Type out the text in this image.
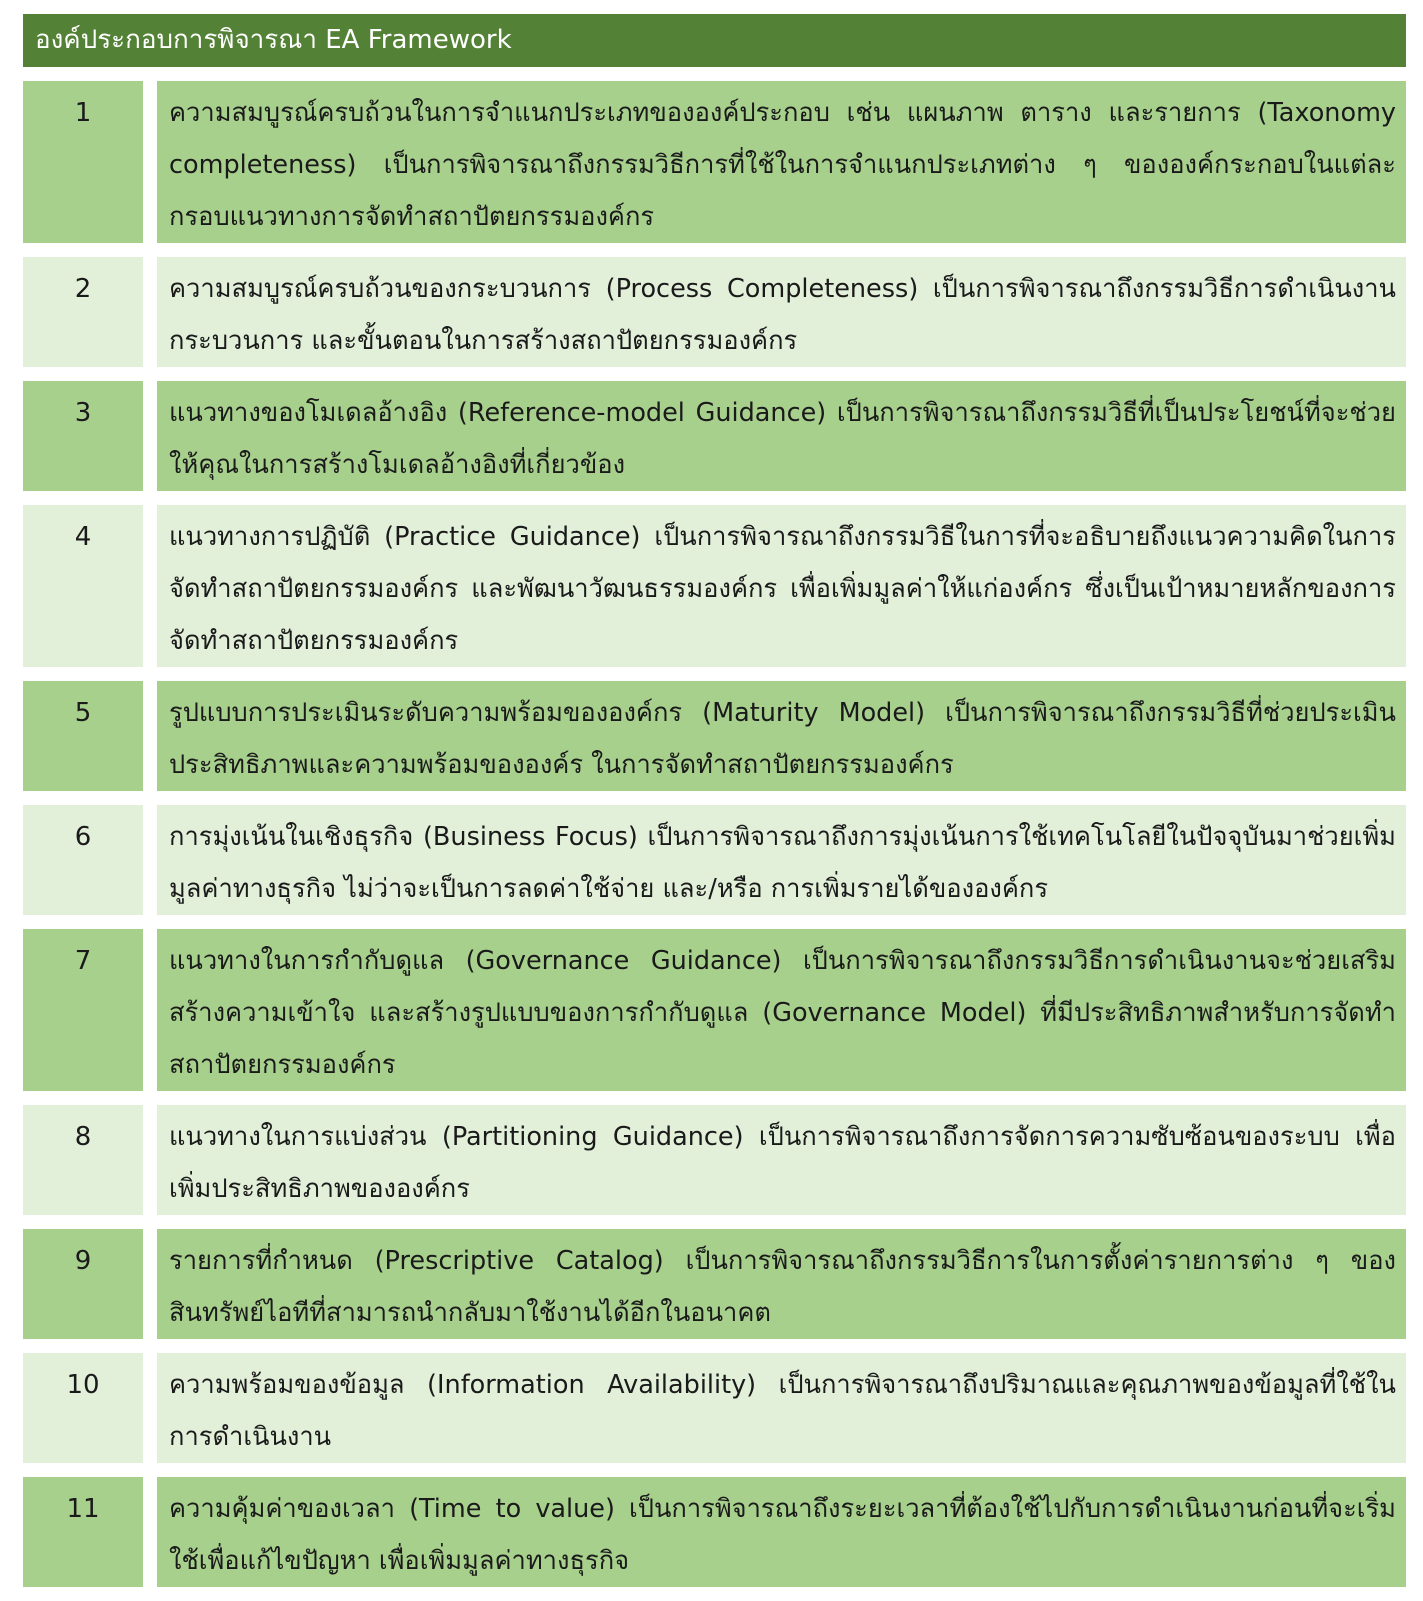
องค์ประกอบการพิจารณา EA Framework
1	ความสมบูรณ์ครบถ้วนในการจำแนกประเภทขององค์ประกอบ เช่น แผนภาพ ตาราง และรายการ (Taxonomy completeness) เป็นการพิจารณาถึงกรรมวิธีการที่ใช้ในการจำแนกประเภทต่าง ๆ ขององค์กระกอบในแต่ละกรอบแนวทางการจัดทำสถาปัตยกรรมองค์กร
2	ความสมบูรณ์ครบถ้วนของกระบวนการ (Process Completeness) เป็นการพิจารณาถึงกรรมวิธีการดำเนินงาน กระบวนการ และขั้นตอนในการสร้างสถาปัตยกรรมองค์กร
3	แนวทางของโมเดลอ้างอิง (Reference-model Guidance) เป็นการพิจารณาถึงกรรมวิธีที่เป็นประโยชน์ที่จะช่วยให้คุณในการสร้างโมเดลอ้างอิงที่เกี่ยวข้อง
4	แนวทางการปฏิบัติ (Practice Guidance) เป็นการพิจารณาถึงกรรมวิธีในการที่จะอธิบายถึงแนวความคิดในการจัดทำสถาปัตยกรรมองค์กร และพัฒนาวัฒนธรรมองค์กร เพื่อเพิ่มมูลค่าให้แก่องค์กร ซึ่งเป็นเป้าหมายหลักของการจัดทำสถาปัตยกรรมองค์กร
5	รูปแบบการประเมินระดับความพร้อมขององค์กร (Maturity Model) เป็นการพิจารณาถึงกรรมวิธีที่ช่วยประเมินประสิทธิภาพและความพร้อมขององค์ร ในการจัดทำสถาปัตยกรรมองค์กร
6	การมุ่งเน้นในเชิงธุรกิจ (Business Focus) เป็นการพิจารณาถึงการมุ่งเน้นการใช้เทคโนโลยีในปัจจุบันมาช่วยเพิ่มมูลค่าทางธุรกิจ ไม่ว่าจะเป็นการลดค่าใช้จ่าย และ/หรือ การเพิ่มรายได้ขององค์กร
7	แนวทางในการกำกับดูแล (Governance Guidance) เป็นการพิจารณาถึงกรรมวิธีการดำเนินงานจะช่วยเสริมสร้างความเข้าใจ และสร้างรูปแบบของการกำกับดูแล (Governance Model) ที่มีประสิทธิภาพสำหรับการจัดทำสถาปัตยกรรมองค์กร
8	แนวทางในการแบ่งส่วน (Partitioning Guidance) เป็นการพิจารณาถึงการจัดการความซับซ้อนของระบบ เพื่อเพิ่มประสิทธิภาพขององค์กร
9	รายการที่กำหนด (Prescriptive Catalog) เป็นการพิจารณาถึงกรรมวิธีการในการตั้งค่ารายการต่าง ๆ ของสินทรัพย์ไอทีที่สามารถนำกลับมาใช้งานได้อีกในอนาคต
10	ความพร้อมของข้อมูล (Information Availability) เป็นการพิจารณาถึงปริมาณและคุณภาพของข้อมูลที่ใช้ในการดำเนินงาน
11	ความคุ้มค่าของเวลา (Time to value) เป็นการพิจารณาถึงระยะเวลาที่ต้องใช้ไปกับการดำเนินงานก่อนที่จะเริ่มใช้เพื่อแก้ไขปัญหา เพื่อเพิ่มมูลค่าทางธุรกิจ
